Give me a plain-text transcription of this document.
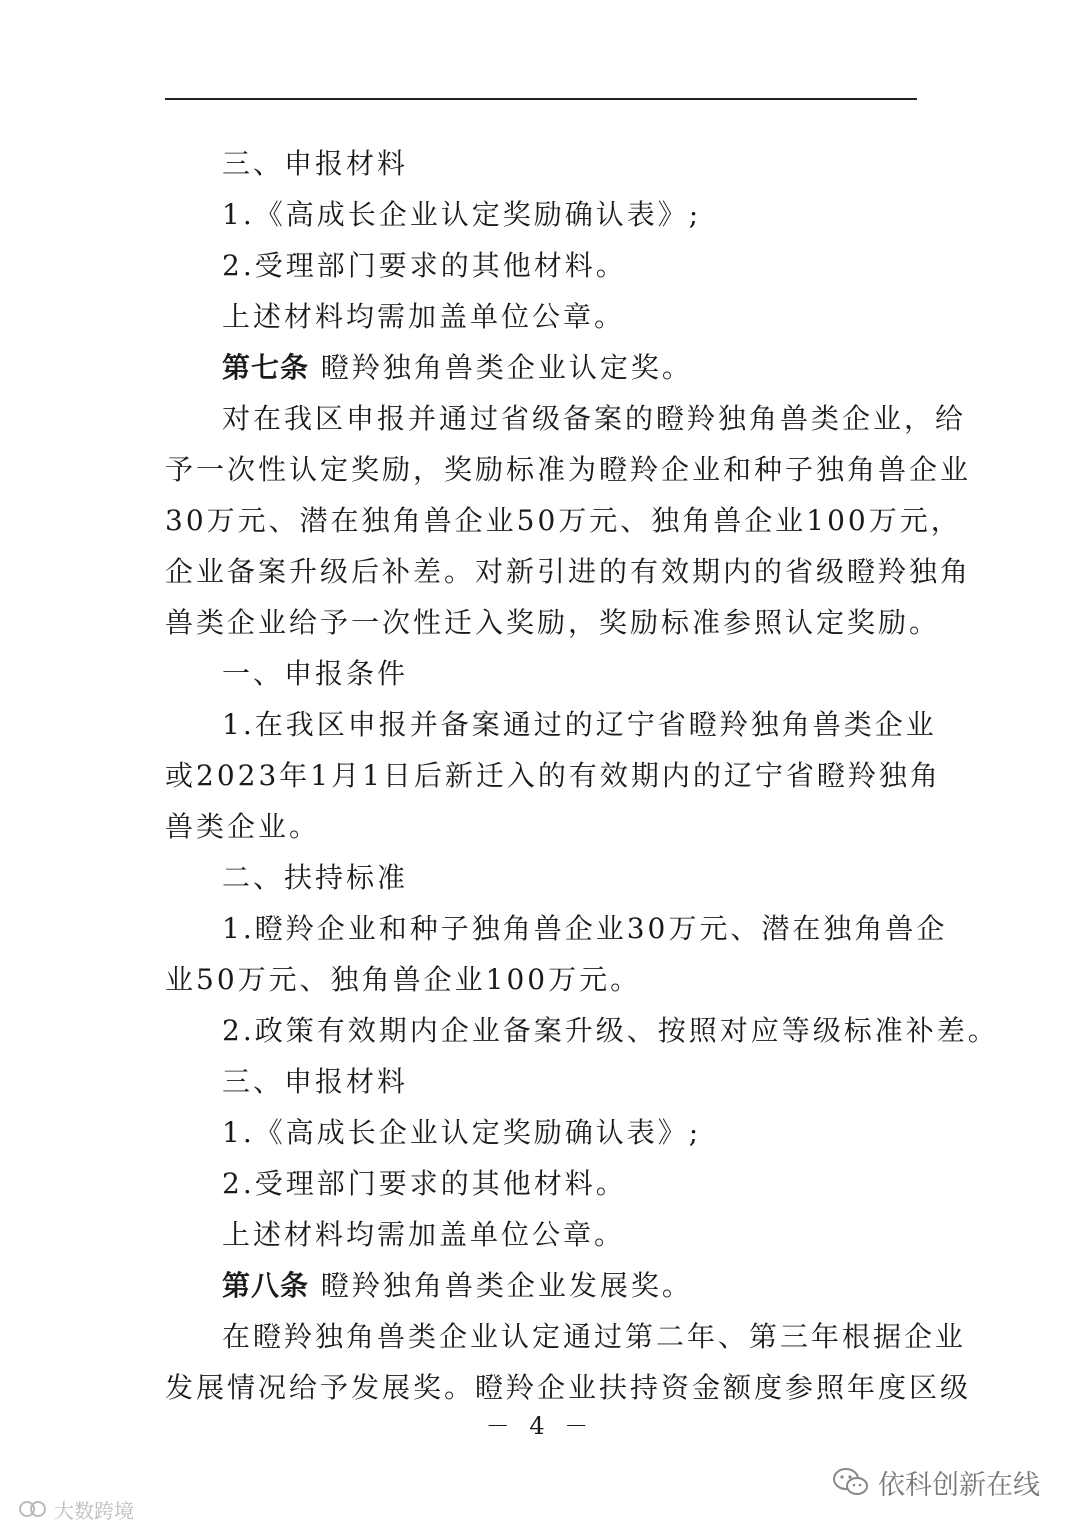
三、申报材料
1.《高成长企业认定奖励确认表》;
2.受理部门要求的其他材料。
上述材料均需加盖单位公章。
第七条 瞪羚独角兽类企业认定奖。
对在我区申报并通过省级备案的瞪羚独角兽类企业，给
予一次性认定奖励，奖励标准为瞪羚企业和种子独角兽企业
30万元、潜在独角兽企业50万元、独角兽企业100万元，
企业备案升级后补差。对新引进的有效期内的省级瞪羚独角
兽类企业给予一次性迁入奖励，奖励标准参照认定奖励。
一、申报条件
1.在我区申报并备案通过的辽宁省瞪羚独角兽类企业
或2023年1月1日后新迁入的有效期内的辽宁省瞪羚独角
兽类企业。
二、扶持标准
1.瞪羚企业和种子独角兽企业30万元、潜在独角兽企
业50万元、独角兽企业100万元。
2.政策有效期内企业备案升级、按照对应等级标准补差。
三、申报材料
1.《高成长企业认定奖励确认表》;
2.受理部门要求的其他材料。
上述材料均需加盖单位公章。
第八条 瞪羚独角兽类企业发展奖。
在瞪羚独角兽类企业认定通过第二年、第三年根据企业
发展情况给予发展奖。瞪羚企业扶持资金额度参照年度区级
－ 4 －
依科创新在线
大数跨境
